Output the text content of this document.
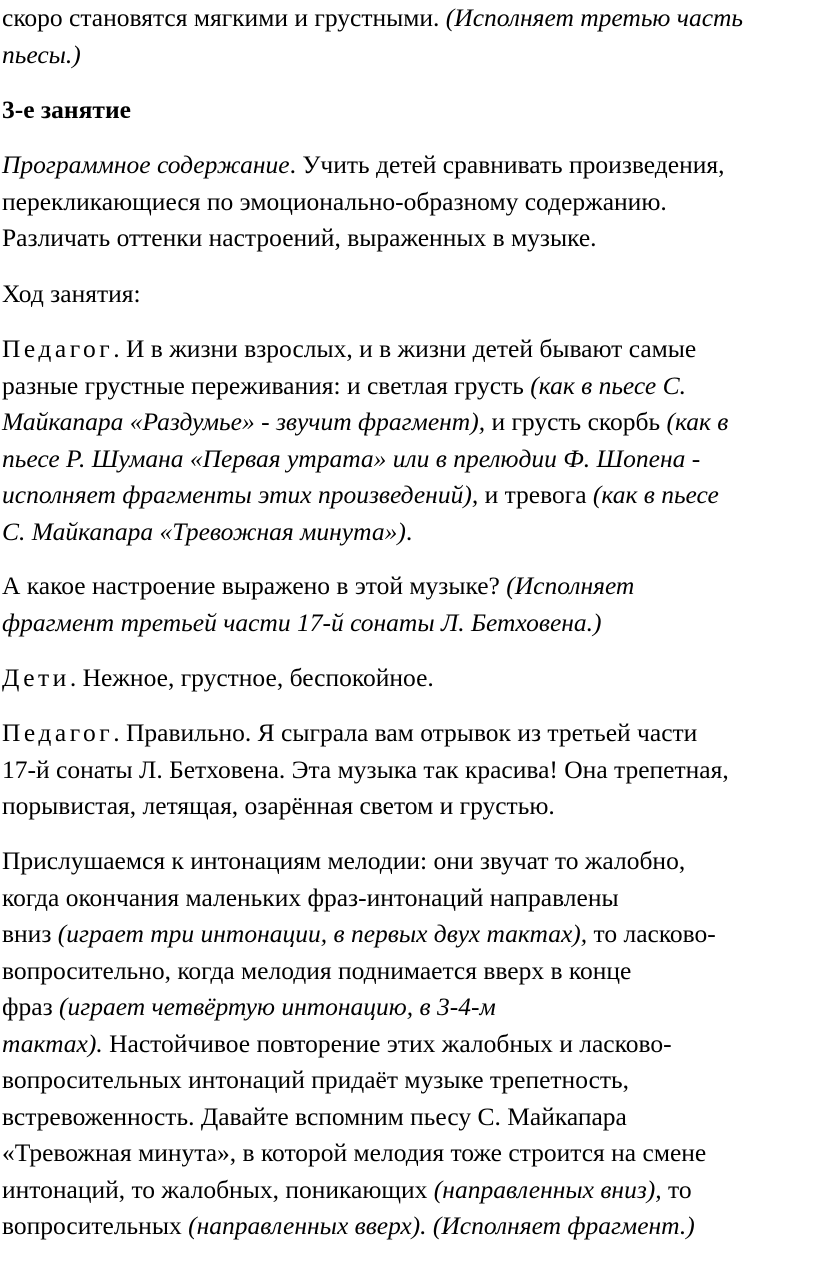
скоро становятся мягкими и грустными. (Исполняет третью часть
пьесы.)

3-е занятие

Программное содержание. Учить детей сравнивать произведения,
перекликающиеся по эмоционально-образному содержанию.
Различать оттенки настроений, выраженных в музыке.

Ход занятия:

Педагог. И в жизни взрослых, и в жизни детей бывают самые
разные грустные переживания: и светлая грусть (как в пьесе С.
Майкапара «Раздумье» - звучит фрагмент), и грусть скорбь (как в
пьесе Р. Шумана «Первая утрата» или в прелюдии Ф. Шопена -
исполняет фрагменты этих произведений), и тревога (как в пьесе
С. Майкапара «Тревожная минута»).

А какое настроение выражено в этой музыке? (Исполняет
фрагмент третьей части 17-й сонаты Л. Бетховена.)

Дети. Нежное, грустное, беспокойное.

Педагог. Правильно. Я сыграла вам отрывок из третьей части
17-й сонаты Л. Бетховена. Эта музыка так красива! Она трепетная,
порывистая, летящая, озарённая светом и грустью.

Прислушаемся к интонациям мелодии: они звучат то жалобно,
когда окончания маленьких фраз-интонаций направлены
вниз (играет три интонации, в первых двух тактах), то ласково-
вопросительно, когда мелодия поднимается вверх в конце
фраз (играет четвёртую интонацию, в 3-4-м
тактах). Настойчивое повторение этих жалобных и ласково-
вопросительных интонаций придаёт музыке трепетность,
встревоженность. Давайте вспомним пьесу С. Майкапара
«Тревожная минута», в которой мелодия тоже строится на смене
интонаций, то жалобных, поникающих (направленных вниз), то
вопросительных (направленных вверх). (Исполняет фрагмент.)
